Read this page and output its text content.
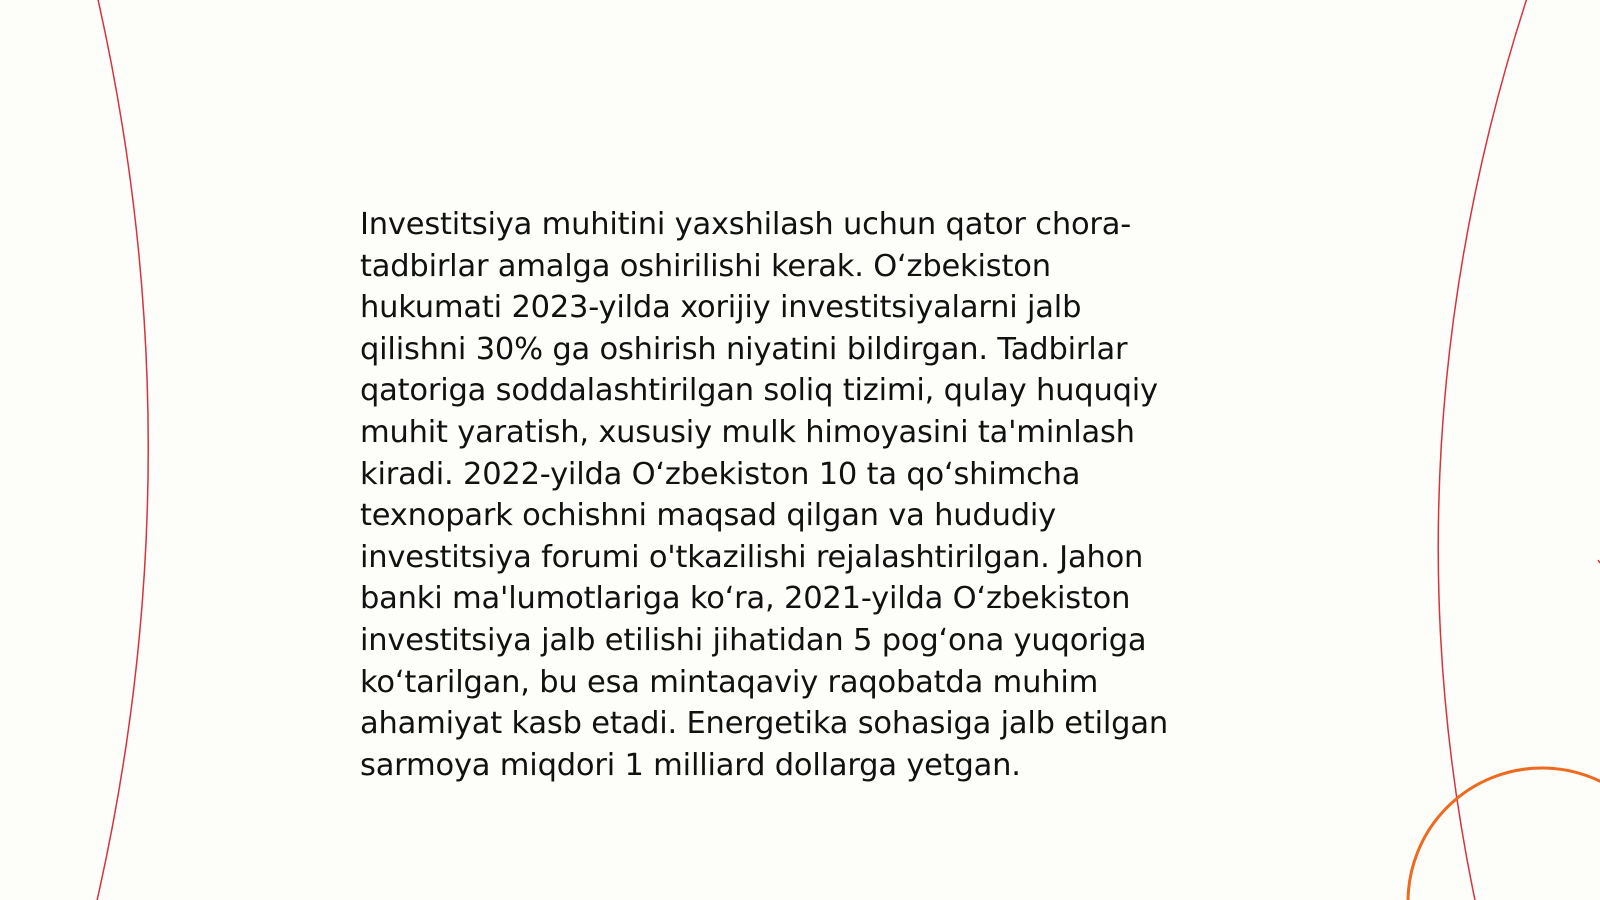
Investitsiya muhitini yaxshilash uchun qator chora-
tadbirlar amalga oshirilishi kerak. O‘zbekiston
hukumati 2023-yilda xorijiy investitsiyalarni jalb
qilishni 30% ga oshirish niyatini bildirgan. Tadbirlar
qatoriga soddalashtirilgan soliq tizimi, qulay huquqiy
muhit yaratish, xususiy mulk himoyasini ta'minlash
kiradi. 2022-yilda O‘zbekiston 10 ta qo‘shimcha
texnopark ochishni maqsad qilgan va hududiy
investitsiya forumi o'tkazilishi rejalashtirilgan. Jahon
banki ma'lumotlariga ko‘ra, 2021-yilda O‘zbekiston
investitsiya jalb etilishi jihatidan 5 pog‘ona yuqoriga
ko‘tarilgan, bu esa mintaqaviy raqobatda muhim
ahamiyat kasb etadi. Energetika sohasiga jalb etilgan
sarmoya miqdori 1 milliard dollarga yetgan.
